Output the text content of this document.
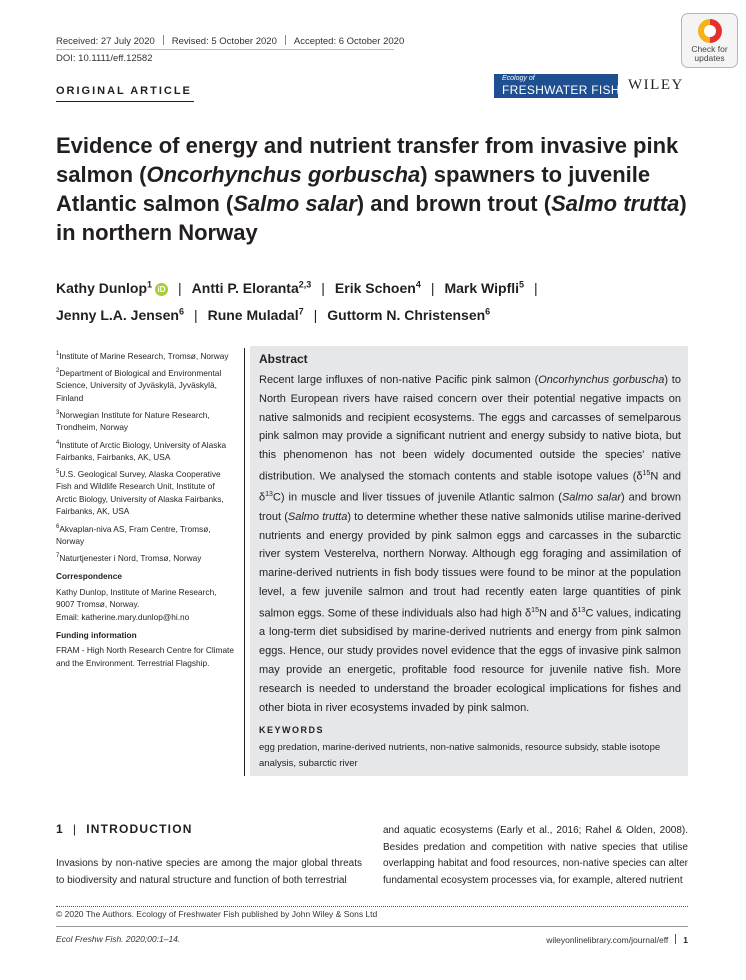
Received: 27 July 2020 Revised: 5 October 2020 Accepted: 6 October 2020
DOI: 10.1111/eff.12582
Check for updates
ORIGINAL ARTICLE
Ecology of
FRESHWATER FISH WILEY
Evidence of energy and nutrient transfer from invasive pink salmon (Oncorhynchus gorbuscha) spawners to juvenile Atlantic salmon (Salmo salar) and brown trout (Salmo trutta) in northern Norway
Kathy Dunlop$^1$iD | Antti P. Eloranta$^{2,3}$ | Erik Schoen$^4$ | Mark Wipfli$^5$ |
Jenny L.A. Jensen$^6$ | Rune Muladal$^7$ | Guttorm N. Christensen$^6$

$^1$Institute of Marine Research, Tromsø, Norway

$^2$Department of Biological and Environmental Science, University of Jyväskylä, Jyväskylä, Finland

$^3$Norwegian Institute for Nature Research, Trondheim, Norway

$^4$Institute of Arctic Biology, University of Alaska Fairbanks, Fairbanks, AK, USA

$^5$U.S. Geological Survey, Alaska Cooperative Fish and Wildlife Research Unit, Institute of Arctic Biology, University of Alaska Fairbanks, Fairbanks, AK, USA

$^6$Akvaplan-niva AS, Fram Centre, Tromsø, Norway

$^7$Naturtjenester i Nord, Tromsø, Norway

Correspondence

Kathy Dunlop, Institute of Marine Research, 9007 Tromsø, Norway.

Email: katherine.mary.dunlop@hi.no

Funding information

FRAM - High North Research Centre for Climate and the Environment. Terrestrial Flagship.

Abstract

Recent large influxes of non-native Pacific pink salmon (Oncorhynchus gorbuscha) to North European rivers have raised concern over their potential negative impacts on native salmonids and recipient ecosystems. The eggs and carcasses of semelparous pink salmon may provide a significant nutrient and energy subsidy to native biota, but this phenomenon has not been widely documented outside the species' native distribution. We analysed the stomach contents and stable isotope values ($\delta^{15}N$ and $\delta^{13}C$) in muscle and liver tissues of juvenile Atlantic salmon (Salmo salar) and brown trout (Salmo trutta) to determine whether these native salmonids utilise marine-derived nutrients and energy provided by pink salmon eggs and carcasses in the subarctic river system Vesterelva, northern Norway. Although egg foraging and assimilation of marine-derived nutrients in fish body tissues were found to be minor at the population level, a few juvenile salmon and trout had recently eaten large quantities of pink salmon eggs. Some of these individuals also had high $\delta^{15}N$ and $\delta^{13}C$ values, indicating a long-term diet subsidised by marine-derived nutrients and energy from pink salmon eggs. Hence, our study provides novel evidence that the eggs of invasive pink salmon may provide an energetic, profitable food resource for juvenile native fish. More research is needed to understand the broader ecological implications for fishes and other biota in river ecosystems invaded by pink salmon.

KEYWORDS
egg predation, marine-derived nutrients, non-native salmonids, resource subsidy, stable isotope analysis, subarctic river
1 | INTRODUCTION

Invasions by non-native species are among the major global threats to biodiversity and natural structure and function of both terrestrial

and aquatic ecosystems (Early et al., 2016; Rahel & Olden, 2008). Besides predation and competition with native species that utilise overlapping habitat and food resources, non-native species can alter fundamental ecosystem processes via, for example, altered nutrient

© 2020 The Authors. Ecology of Freshwater Fish published by John Wiley & Sons Ltd
Ecol Freshw Fish. 2020;00:1–14.	wileyonlinelibrary.com/journal/eff 1
